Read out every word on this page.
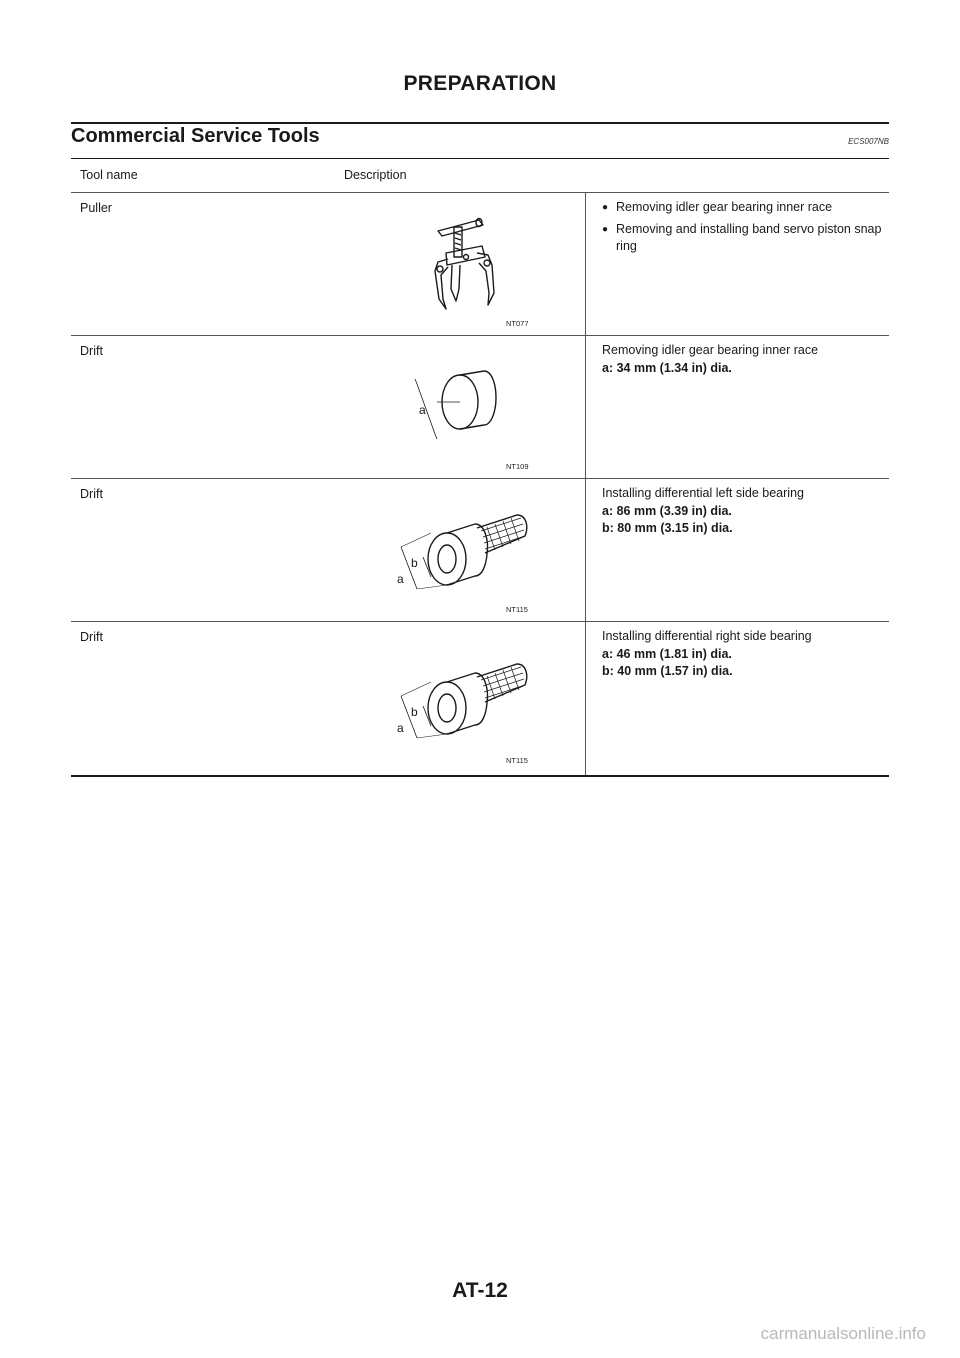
PREPARATION
Commercial Service Tools	ECS007NB
Tool name	Description
Puller
NT077
● Removing idler gear bearing inner race
● Removing and installing band servo piston snap ring
Drift
a
NT109
Removing idler gear bearing inner race
a: 34 mm (1.34 in) dia.
Drift
a
b
NT115
Installing differential left side bearing
a: 86 mm (3.39 in) dia.
b: 80 mm (3.15 in) dia.
Drift
a
b
NT115
Installing differential right side bearing
a: 46 mm (1.81 in) dia.
b: 40 mm (1.57 in) dia.
AT-12
carmanualsonline.info
